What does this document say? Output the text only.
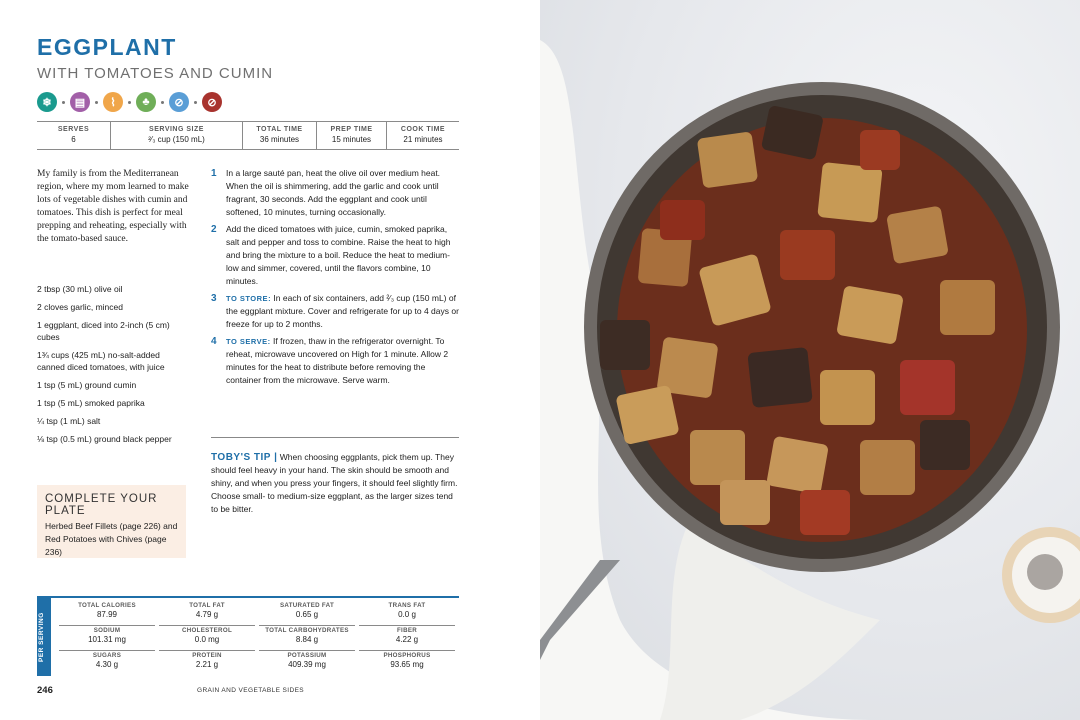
EGGPLANT
WITH TOMATOES AND CUMIN
❄	▤	⌇	♣	⊘	⊘
SERVES
6
SERVING SIZE
²⁄₃ cup (150 mL)
TOTAL TIME
36 minutes
PREP TIME
15 minutes
COOK TIME
21 minutes
My family is from the Mediterranean region, where my mom learned to make lots of vegetable dishes with cumin and tomatoes. This dish is perfect for meal prepping and reheating, especially with the tomato-based sauce.
2 tbsp (30 mL) olive oil
2 cloves garlic, minced
1 eggplant, diced into 2-inch (5 cm) cubes
1¾ cups (425 mL) no-salt-added canned diced tomatoes, with juice
1 tsp (5 mL) ground cumin
1 tsp (5 mL) smoked paprika
¼ tsp (1 mL) salt
⅛ tsp (0.5 mL) ground black pepper
COMPLETE YOUR PLATE
Herbed Beef Fillets (page 226) and Red Potatoes with Chives (page 236)
1 In a large sauté pan, heat the olive oil over medium heat. When the oil is shimmering, add the garlic and cook until fragrant, 30 seconds. Add the eggplant and cook until softened, 10 minutes, turning occasionally.
2 Add the diced tomatoes with juice, cumin, smoked paprika, salt and pepper and toss to combine. Raise the heat to high and bring the mixture to a boil. Reduce the heat to medium-low and simmer, covered, until the flavors combine, 10 minutes.
3 TO STORE: In each of six containers, add ²⁄₃ cup (150 mL) of the eggplant mixture. Cover and refrigerate for up to 4 days or freeze for up to 2 months.
4 TO SERVE: If frozen, thaw in the refrigerator overnight. To reheat, microwave uncovered on High for 1 minute. Allow 2 minutes for the heat to distribute before removing the container from the microwave. Serve warm.
TOBY'S TIP | When choosing eggplants, pick them up. They should feel heavy in your hand. The skin should be smooth and shiny, and when you press your fingers, it should feel slightly firm. Choose small- to medium-size eggplant, as the larger sizes tend to be bitter.
PER SERVING
TOTAL CALORIES
87.99
TOTAL FAT
4.79 g
SATURATED FAT
0.65 g
TRANS FAT
0.0 g
SODIUM
101.31 mg
CHOLESTEROL
0.0 mg
TOTAL CARBOHYDRATES
8.84 g
FIBER
4.22 g
SUGARS
4.30 g
PROTEIN
2.21 g
POTASSIUM
409.39 mg
PHOSPHORUS
93.65 mg
246	GRAIN AND VEGETABLE SIDES
